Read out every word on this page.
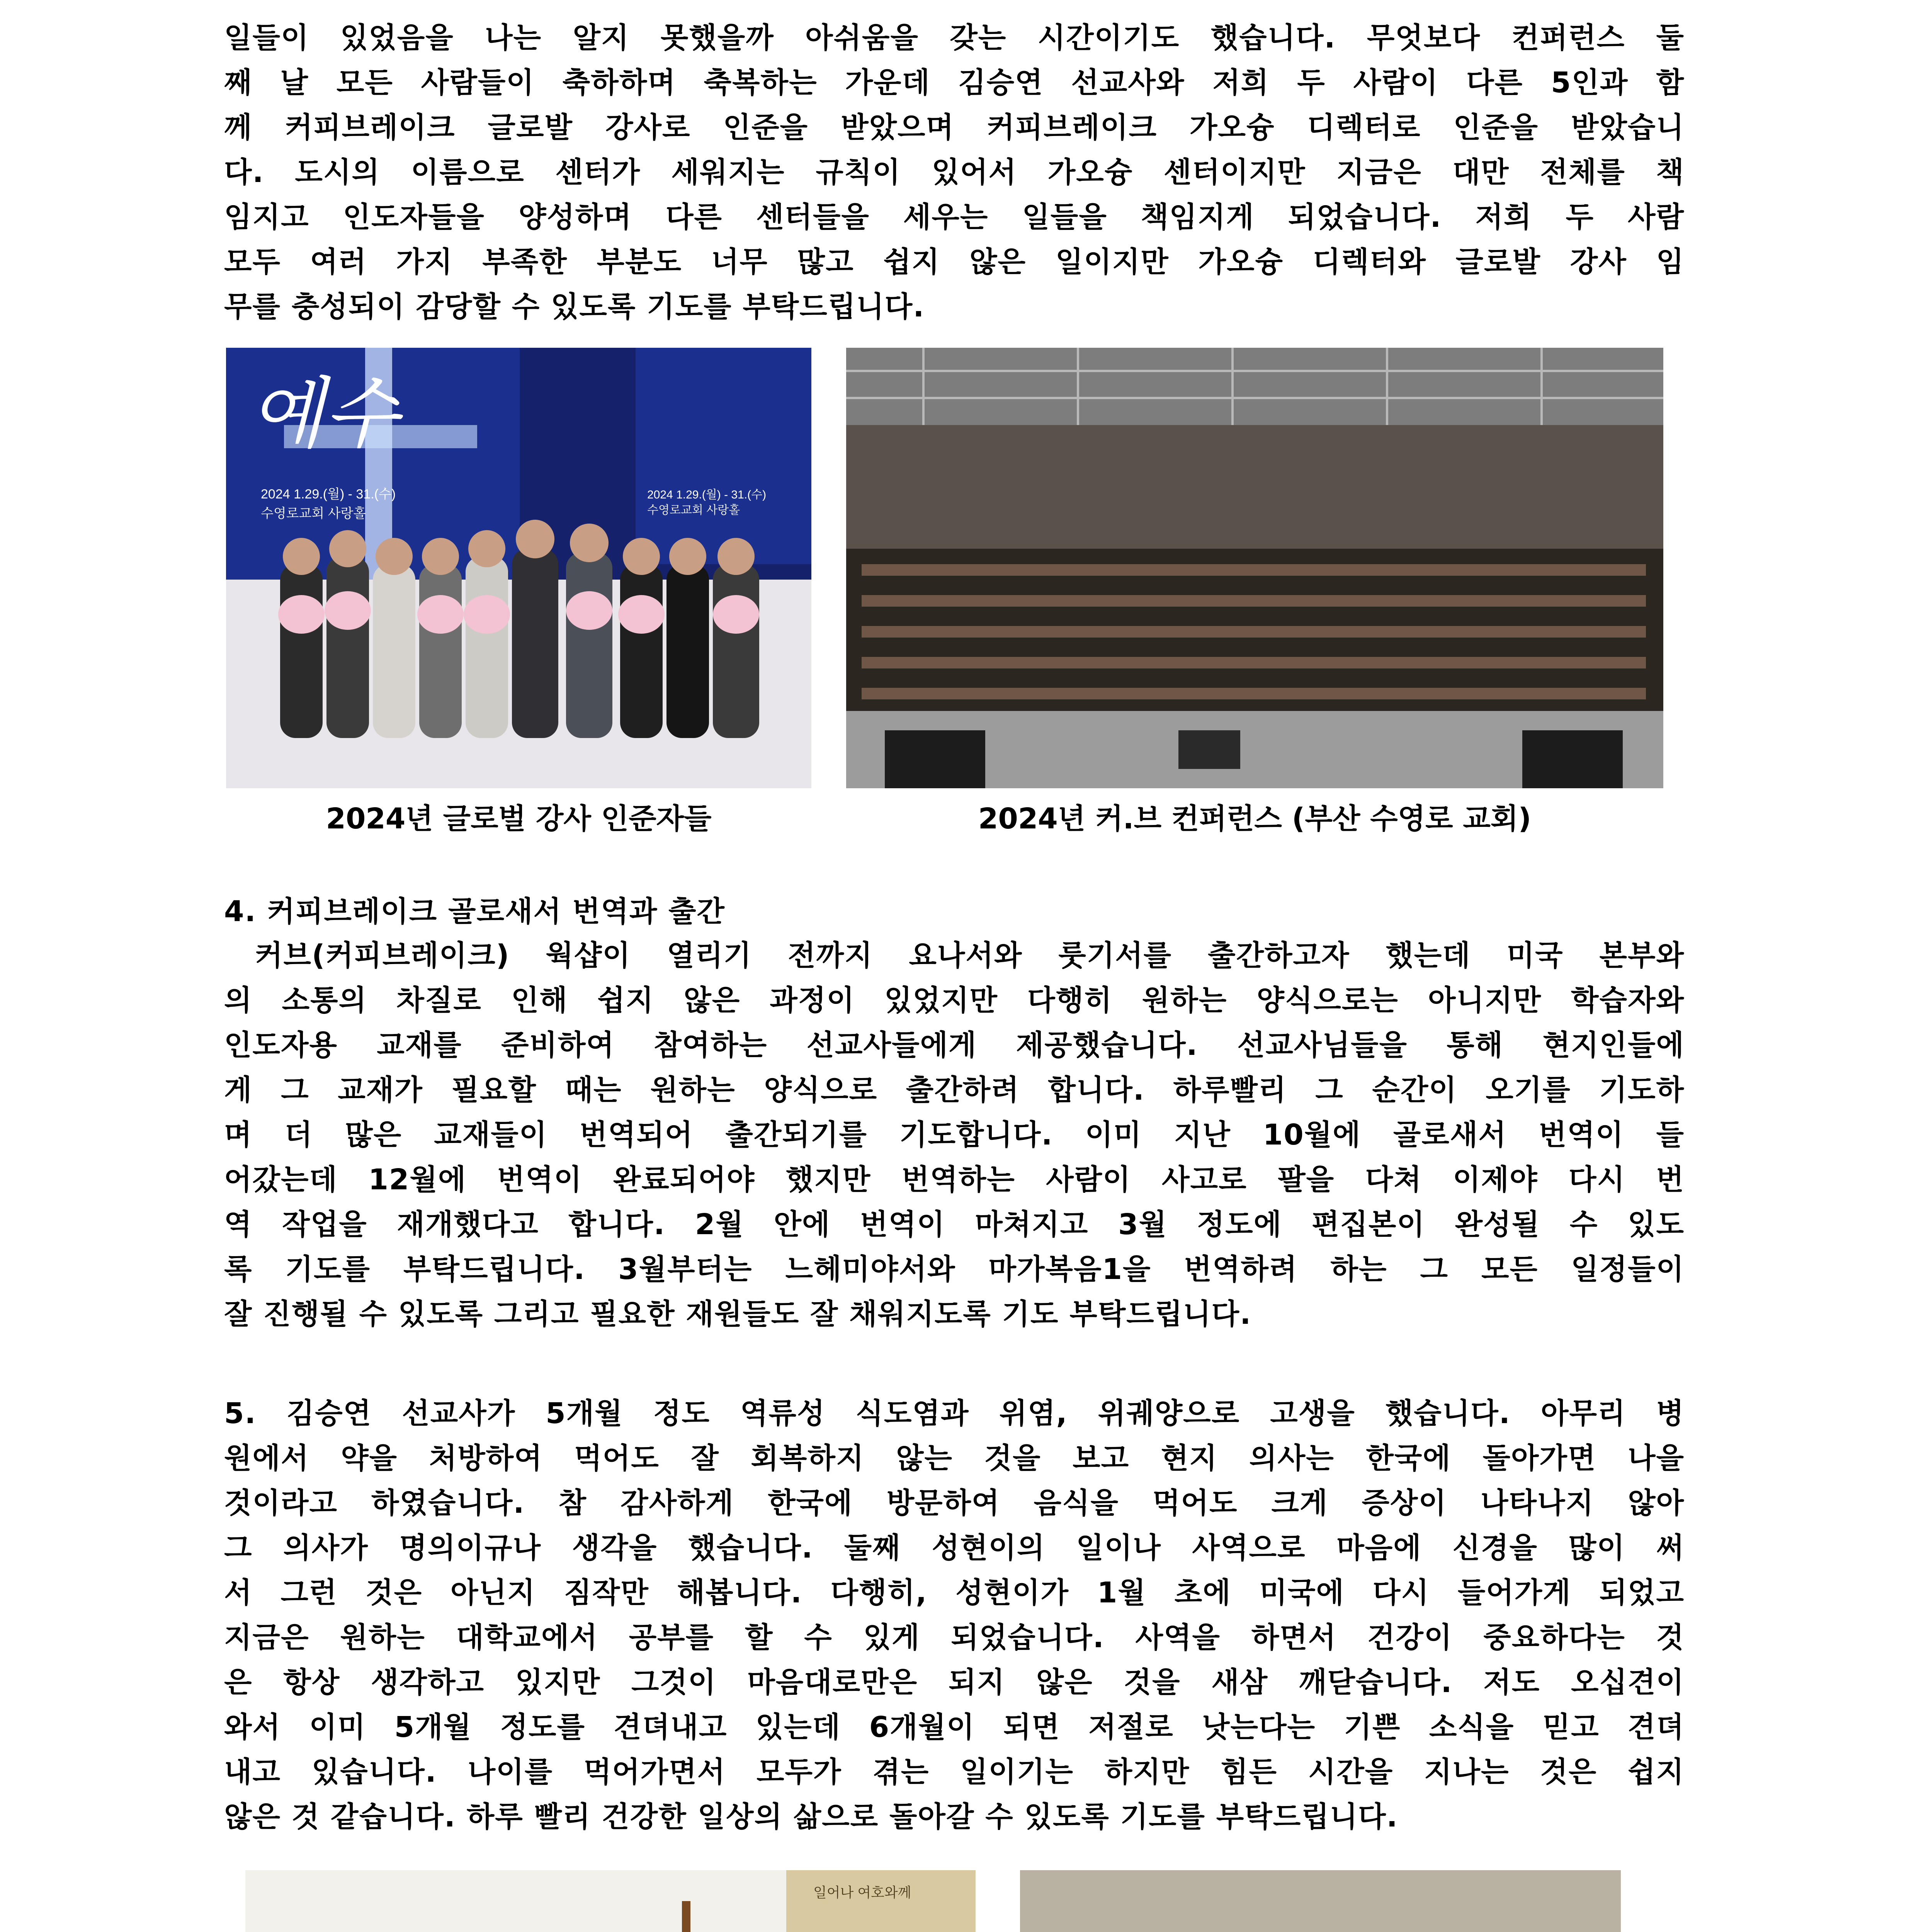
일들이 있었음을 나는 알지 못했을까 아쉬움을 갖는 시간이기도 했습니다. 무엇보다 컨퍼런스 둘
째 날 모든 사람들이 축하하며 축복하는 가운데 김승연 선교사와 저희 두 사람이 다른 5인과 함
께 커피브레이크 글로발 강사로 인준을 받았으며 커피브레이크 가오슝 디렉터로 인준을 받았습니
다. 도시의 이름으로 센터가 세워지는 규칙이 있어서 가오슝 센터이지만 지금은 대만 전체를 책
임지고 인도자들을 양성하며 다른 센터들을 세우는 일들을 책임지게 되었습니다. 저희 두 사람
모두 여러 가지 부족한 부분도 너무 많고 쉽지 않은 일이지만 가오슝 디렉터와 글로발 강사 임
무를 충성되이 감당할 수 있도록 기도를 부탁드립니다.
예수
2024 1.29.(월) - 31.(수)
수영로교회 사랑홀
2024 1.29.(월) - 31.(수)
수영로교회 사랑홀

2024년 글로벌 강사 인준자들	2024년 커.브 컨퍼런스 (부산 수영로 교회)

4. 커피브레이크 골로새서 번역과 출간

커브(커피브레이크) 웍샵이 열리기 전까지 요나서와 룻기서를 출간하고자 했는데 미국 본부와
의 소통의 차질로 인해 쉽지 않은 과정이 있었지만 다행히 원하는 양식으로는 아니지만 학습자와
인도자용 교재를 준비하여 참여하는 선교사들에게 제공했습니다. 선교사님들을 통해 현지인들에
게 그 교재가 필요할 때는 원하는 양식으로 출간하려 합니다. 하루빨리 그 순간이 오기를 기도하
며 더 많은 교재들이 번역되어 출간되기를 기도합니다. 이미 지난 10월에 골로새서 번역이 들
어갔는데 12월에 번역이 완료되어야 했지만 번역하는 사람이 사고로 팔을 다쳐 이제야 다시 번
역 작업을 재개했다고 합니다. 2월 안에 번역이 마쳐지고 3월 정도에 편집본이 완성될 수 있도
록 기도를 부탁드립니다. 3월부터는 느헤미야서와 마가복음1을 번역하려 하는 그 모든 일정들이
잘 진행될 수 있도록 그리고 필요한 재원들도 잘 채워지도록 기도 부탁드립니다.
5. 김승연 선교사가 5개월 정도 역류성 식도염과 위염, 위궤양으로 고생을 했습니다. 아무리 병
원에서 약을 처방하여 먹어도 잘 회복하지 않는 것을 보고 현지 의사는 한국에 돌아가면 나을
것이라고 하였습니다. 참 감사하게 한국에 방문하여 음식을 먹어도 크게 증상이 나타나지 않아
그 의사가 명의이규나 생각을 했습니다. 둘째 성현이의 일이나 사역으로 마음에 신경을 많이 써
서 그런 것은 아닌지 짐작만 해봅니다. 다행히, 성현이가 1월 초에 미국에 다시 들어가게 되었고
지금은 원하는 대학교에서 공부를 할 수 있게 되었습니다. 사역을 하면서 건강이 중요하다는 것
은 항상 생각하고 있지만 그것이 마음대로만은 되지 않은 것을 새삼 깨닫습니다. 저도 오십견이
와서 이미 5개월 정도를 견뎌내고 있는데 6개월이 되면 저절로 낫는다는 기쁜 소식을 믿고 견뎌
내고 있습니다. 나이를 먹어가면서 모두가 겪는 일이기는 하지만 힘든 시간을 지나는 것은 쉽지
않은 것 같습니다. 하루 빨리 건강한 일상의 삶으로 돌아갈 수 있도록 기도를 부탁드립니다.
일어나 여호와께
